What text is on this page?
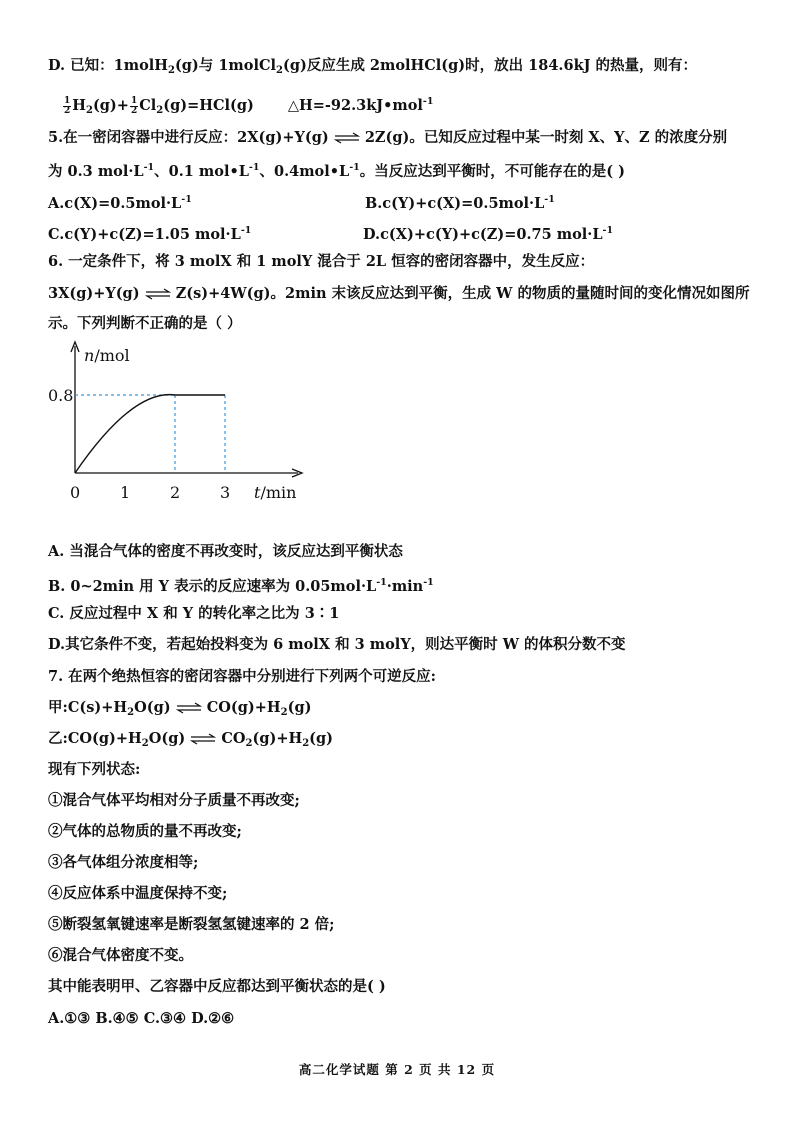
D. 已知：1molH$_2$(g)与 1molCl$_2$(g)反应生成 2molHCl(g)时，放出 184.6kJ 的热量，则有：
$\frac{1}{2} H_2(g)+ \frac{1}{2} Cl_2(g)=HCl(g)$ △H=-92.3kJ•mol$^{-1}$
5.在一密闭容器中进行反应：2X(g)+Y(g) ⇌ 2Z(g)。已知反应过程中某一时刻 X、Y、Z 的浓度分别
为 0.3 $mol\cdot L^{-1}$、0.1 $mol•L^{-1}$、$0.4mol•L^{-1}$。当反应达到平衡时，不可能存在的是( )
$A.c(X)=0.5mol\cdot L^{-1}$	$B.c(Y)+c(X)=0.5mol\cdot L^{-1}$
C.c(Y)+c(Z)=1.05 $mol\cdot L^{-1}$	D.c(X)+c(Y)+c(Z)=0.75 $mol\cdot L^{-1}$
6. 一定条件下，将 3 molX 和 1 molY 混合于 2L 恒容的密闭容器中，发生反应：
3X(g)+Y(g) ⇌ Z(s)+4W(g)。2min 末该反应达到平衡，生成 W 的物质的量随时间的变化情况如图所
示。下列判断不正确的是（ ）
n/mol
t/min
0 1 2 3
0.8
A. 当混合气体的密度不再改变时，该反应达到平衡状态
B. 0~2min 用 Y 表示的反应速率为 $0.05mol\cdot L^{-1}\cdot\min^{-1}$
C. 反应过程中 X 和 Y 的转化率之比为 3∶1
D.其它条件不变，若起始投料变为 6 molX 和 3 molY，则达平衡时 W 的体积分数不变
7. 在两个绝热恒容的密闭容器中分别进行下列两个可逆反应:
甲$:C(s)+H_2O(g)$ ⇌ $CO(g)+H_2(g)$
乙$:CO(g)+H_2O(g)$ ⇌ $CO_2(g)+H_2(g)$
现有下列状态:
①混合气体平均相对分子质量不再改变;
②气体的总物质的量不再改变;
③各气体组分浓度相等;
④反应体系中温度保持不变;
⑤断裂氢氧键速率是断裂氢氢键速率的 2 倍;
⑥混合气体密度不变。
其中能表明甲、乙容器中反应都达到平衡状态的是( )
A.①③ B.④⑤ C.③④ D.②⑥
高二化学试题 第 2 页 共 12 页
